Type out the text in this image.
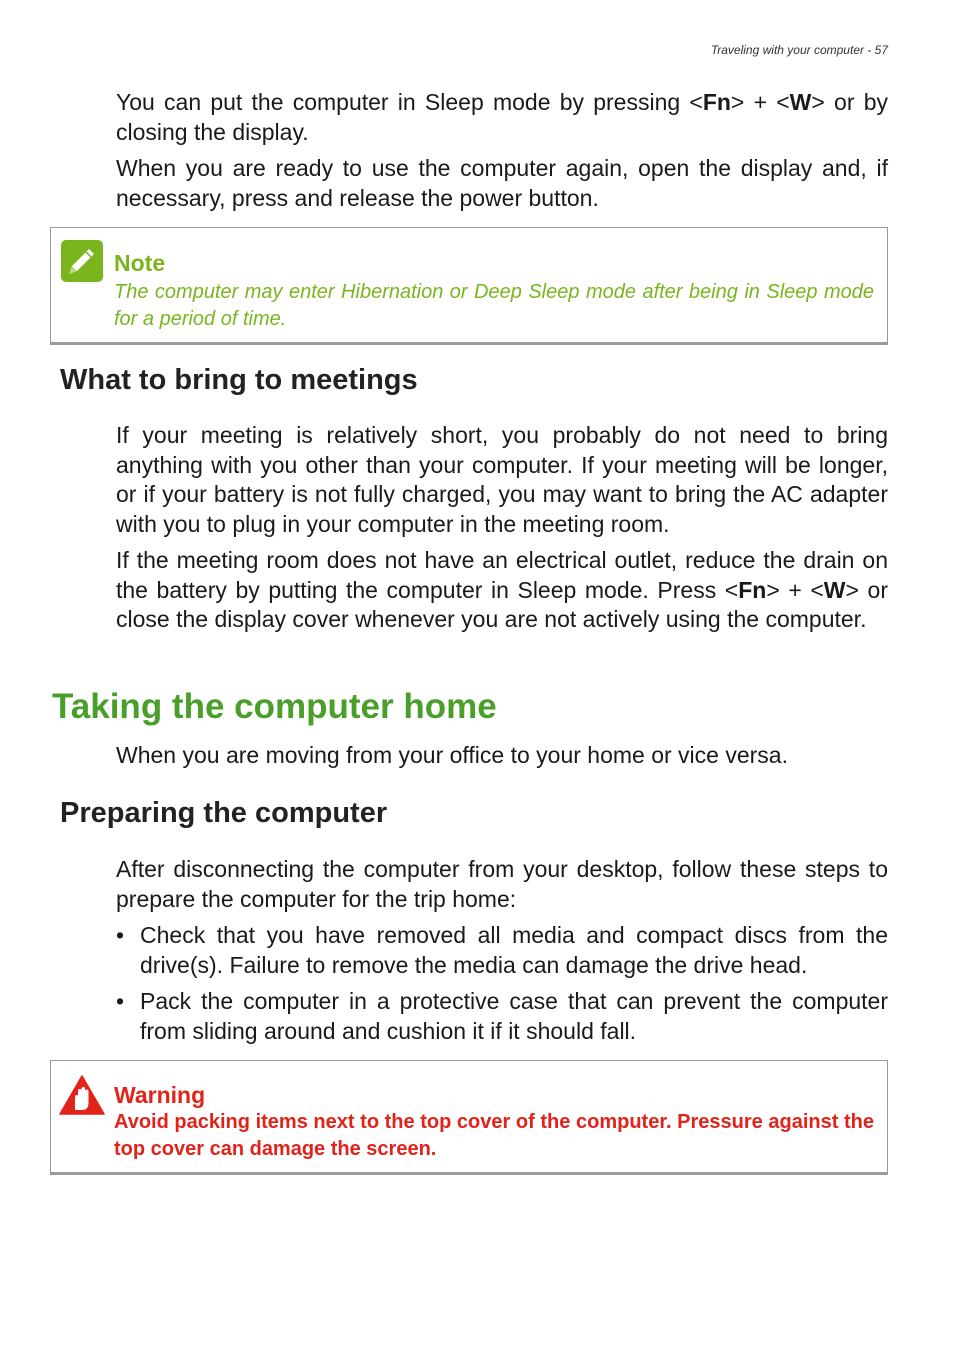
Traveling with your computer - 57

You can put the computer in Sleep mode by pressing <Fn> + <W> or by closing the display.

When you are ready to use the computer again, open the display and, if necessary, press and release the power button.

Note

The computer may enter Hibernation or Deep Sleep mode after being in Sleep mode for a period of time.

What to bring to meetings

If your meeting is relatively short, you probably do not need to bring anything with you other than your computer. If your meeting will be longer, or if your battery is not fully charged, you may want to bring the AC adapter with you to plug in your computer in the meeting room.

If the meeting room does not have an electrical outlet, reduce the drain on the battery by putting the computer in Sleep mode. Press <Fn> + <W> or close the display cover whenever you are not actively using the computer.

Taking the computer home

When you are moving from your office to your home or vice versa.

Preparing the computer

After disconnecting the computer from your desktop, follow these steps to prepare the computer for the trip home:

• Check that you have removed all media and compact discs from the drive(s). Failure to remove the media can damage the drive head.
• Pack the computer in a protective case that can prevent the computer from sliding around and cushion it if it should fall.
Warning

Avoid packing items next to the top cover of the computer. Pressure against the top cover can damage the screen.
